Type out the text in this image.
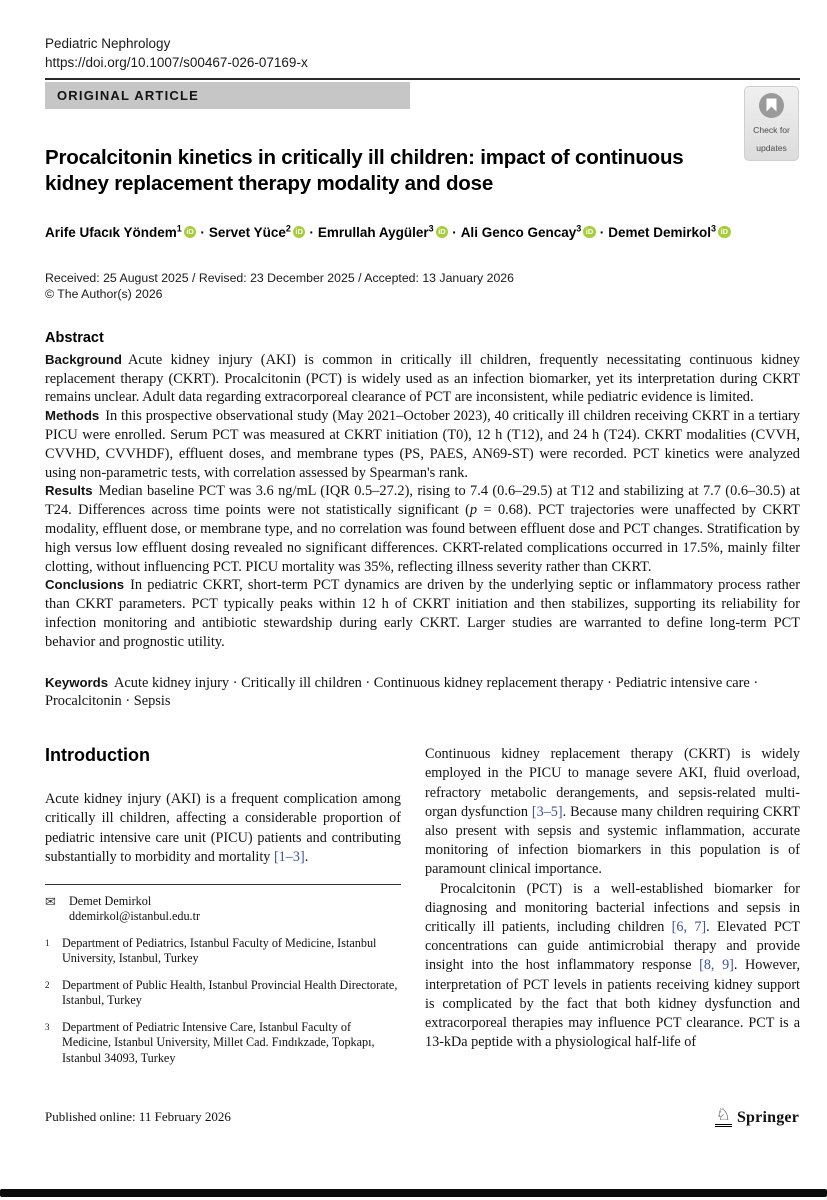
Pediatric Nephrology
https://doi.org/10.1007/s00467-026-07169-x
ORIGINAL ARTICLE
Check for
updates
Procalcitonin kinetics in critically ill children: impact of continuous
kidney replacement therapy modality and dose
Arife Ufacık Yöndem$^1$ iD · Servet Yüce$^2$ iD · Emrullah Aygüler$^3$ iD · Ali Genco Gencay$^3$ iD · Demet Demirkol$^3$ iD
Received: 25 August 2025 / Revised: 23 December 2025 / Accepted: 13 January 2026
© The Author(s) 2026
Abstract

Background Acute kidney injury (AKI) is common in critically ill children, frequently necessitating continuous kidney replacement therapy (CKRT). Procalcitonin (PCT) is widely used as an infection biomarker, yet its interpretation during CKRT remains unclear. Adult data regarding extracorporeal clearance of PCT are inconsistent, while pediatric evidence is limited.

Methods In this prospective observational study (May 2021–October 2023), 40 critically ill children receiving CKRT in a tertiary PICU were enrolled. Serum PCT was measured at CKRT initiation (T0), 12 h (T12), and 24 h (T24). CKRT modalities (CVVH, CVVHD, CVVHDF), effluent doses, and membrane types (PS, PAES, AN69-ST) were recorded. PCT kinetics were analyzed using non-parametric tests, with correlation assessed by Spearman's rank.

Results Median baseline PCT was 3.6 ng/mL (IQR 0.5–27.2), rising to 7.4 (0.6–29.5) at T12 and stabilizing at 7.7 (0.6–30.5) at T24. Differences across time points were not statistically significant (p = 0.68). PCT trajectories were unaffected by CKRT modality, effluent dose, or membrane type, and no correlation was found between effluent dose and PCT changes. Stratification by high versus low effluent dosing revealed no significant differences. CKRT-related complications occurred in 17.5%, mainly filter clotting, without influencing PCT. PICU mortality was 35%, reflecting illness severity rather than CKRT.

Conclusions In pediatric CKRT, short-term PCT dynamics are driven by the underlying septic or inflammatory process rather than CKRT parameters. PCT typically peaks within 12 h of CKRT initiation and then stabilizes, supporting its reliability for infection monitoring and antibiotic stewardship during early CKRT. Larger studies are warranted to define long-term PCT behavior and prognostic utility.

Keywords Acute kidney injury · Critically ill children · Continuous kidney replacement therapy · Pediatric intensive care · Procalcitonin · Sepsis

Introduction

Acute kidney injury (AKI) is a frequent complication among critically ill children, affecting a considerable proportion of pediatric intensive care unit (PICU) patients and contributing substantially to morbidity and mortality [1–3].

✉	Demet Demirkol
ddemirkol@istanbul.edu.tr
1 Department of Pediatrics, Istanbul Faculty of Medicine, Istanbul University, Istanbul, Turkey
2 Department of Public Health, Istanbul Provincial Health Directorate, Istanbul, Turkey
3 Department of Pediatric Intensive Care, Istanbul Faculty of Medicine, Istanbul University, Millet Cad. Fındıkzade, Topkapı, Istanbul 34093, Turkey

Continuous kidney replacement therapy (CKRT) is widely employed in the PICU to manage severe AKI, fluid overload, refractory metabolic derangements, and sepsis-related multi-organ dysfunction [3–5]. Because many children requiring CKRT also present with sepsis and systemic inflammation, accurate monitoring of infection biomarkers in this population is of paramount clinical importance.

Procalcitonin (PCT) is a well-established biomarker for diagnosing and monitoring bacterial infections and sepsis in critically ill patients, including children [6, 7]. Elevated PCT concentrations can guide antimicrobial therapy and provide insight into the host inflammatory response [8, 9]. However, interpretation of PCT levels in patients receiving kidney support is complicated by the fact that both kidney dysfunction and extracorporeal therapies may influence PCT clearance. PCT is a 13-kDa peptide with a physiological half-life of

Published online: 11 February 2026	♘ Springer
